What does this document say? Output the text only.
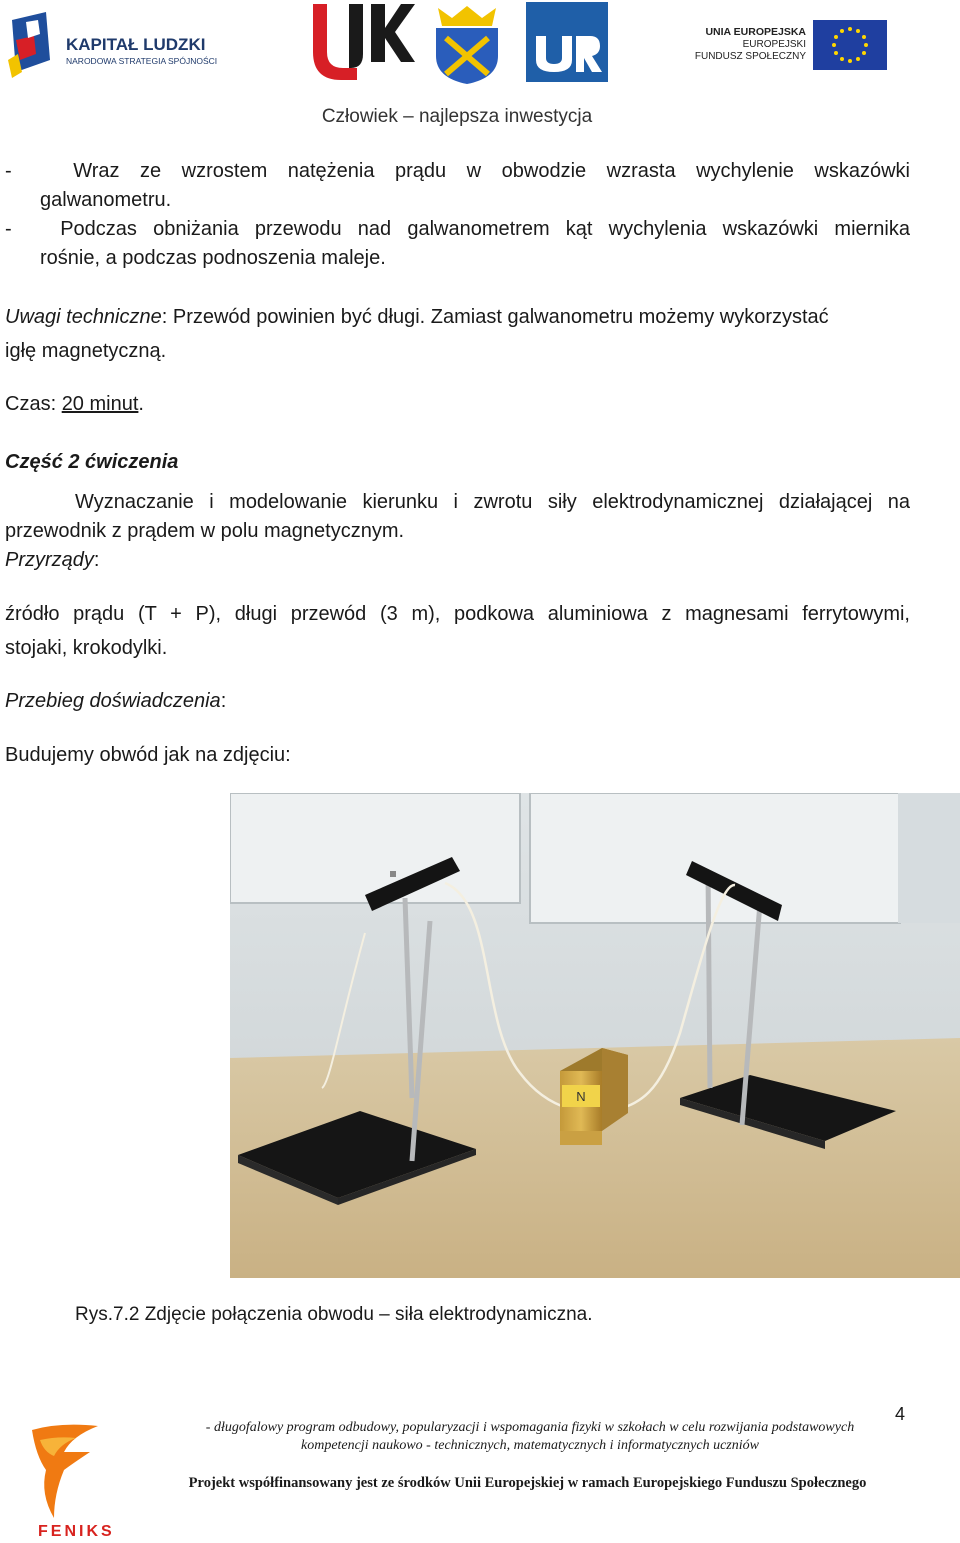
KAPITAŁ LUDZKI
NARODOWA STRATEGIA SPÓJNOŚCI
UNIA EUROPEJSKA
EUROPEJSKI
FUNDUSZ SPOŁECZNY
Człowiek – najlepsza inwestycja
-   Wraz ze wzrostem natężenia prądu w obwodzie wzrasta wychylenie wskazówki
galwanometru.
-   Podczas obniżania przewodu nad galwanometrem kąt wychylenia wskazówki miernika
rośnie, a podczas podnoszenia maleje.
Uwagi techniczne: Przewód powinien być długi. Zamiast galwanometru możemy wykorzystać
igłę magnetyczną.
Czas: 20 minut.
Część 2 ćwiczenia
Wyznaczanie i modelowanie kierunku i zwrotu siły elektrodynamicznej działającej na
przewodnik z prądem w polu magnetycznym.
Przyrządy:
źródło prądu (T + P), długi przewód (3 m), podkowa aluminiowa z magnesami ferrytowymi,
stojaki, krokodylki.
Przebieg doświadczenia:
Budujemy obwód jak na zdjęciu:
N
Rys.7.2 Zdjęcie połączenia obwodu – siła elektrodynamiczna.
FENIKS
4
- długofalowy program odbudowy, popularyzacji i wspomagania fizyki w szkołach w celu rozwijania podstawowych
kompetencji naukowo - technicznych, matematycznych i informatycznych uczniów
Projekt współfinansowany jest ze środków Unii Europejskiej w ramach Europejskiego Funduszu Społecznego
